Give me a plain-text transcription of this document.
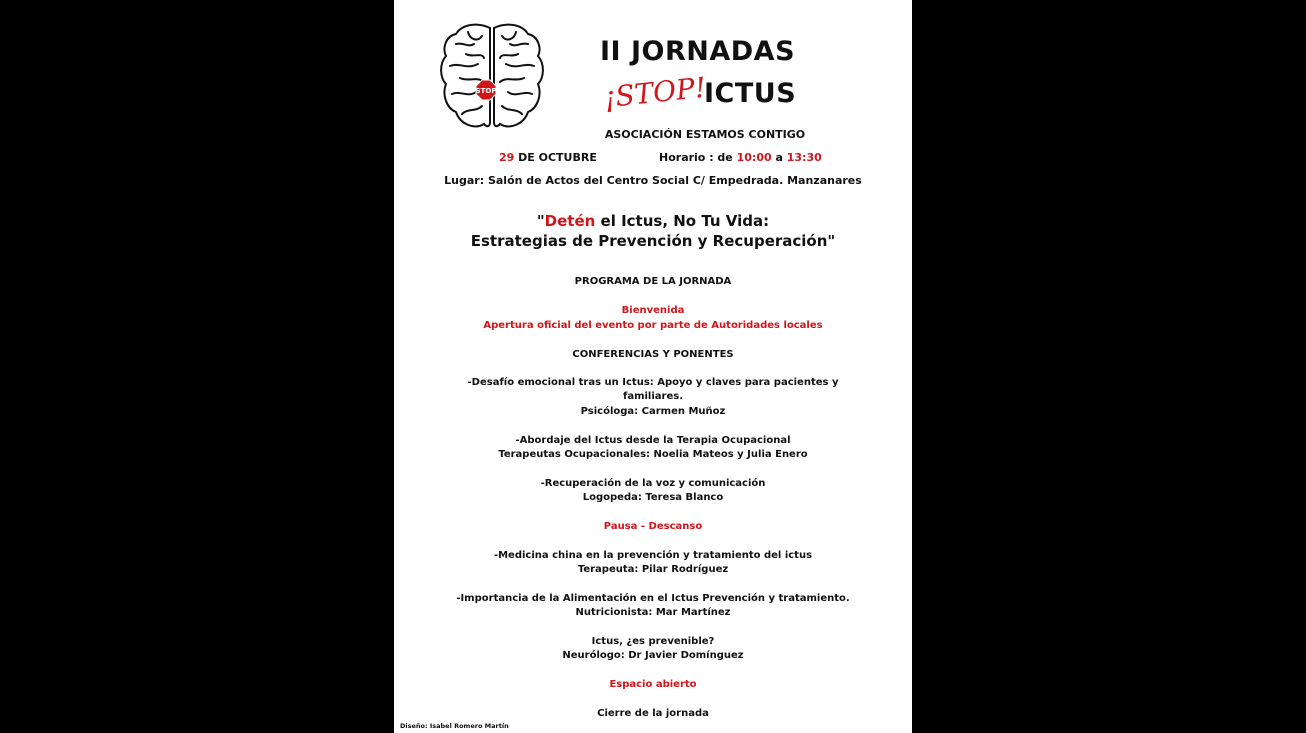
STOP
II JORNADAS
¡STOP!
ICTUS
ASOCIACIÓN ESTAMOS CONTIGO
29 DE OCTUBRE	Horario : de 10:00 a 13:30
Lugar: Salón de Actos del Centro Social C/ Empedrada. Manzanares
"Detén el Ictus, No Tu Vida:
Estrategias de Prevención y Recuperación"
PROGRAMA DE LA JORNADA
Bienvenida
Apertura oficial del evento por parte de Autoridades locales
CONFERENCIAS Y PONENTES
-Desafío emocional tras un Ictus: Apoyo y claves para pacientes y
familiares.
Psicóloga: Carmen Muñoz
-Abordaje del Ictus desde la Terapia Ocupacional
Terapeutas Ocupacionales: Noelia Mateos y Julia Enero
-Recuperación de la voz y comunicación
Logopeda: Teresa Blanco
Pausa - Descanso
-Medicina china en la prevención y tratamiento del ictus
Terapeuta: Pilar Rodríguez
-Importancia de la Alimentación en el Ictus Prevención y tratamiento.
Nutricionista: Mar Martínez
Ictus, ¿es prevenible?
Neurólogo: Dr Javier Domínguez
Espacio abierto
Cierre de la jornada
Diseño: Isabel Romero Martín
